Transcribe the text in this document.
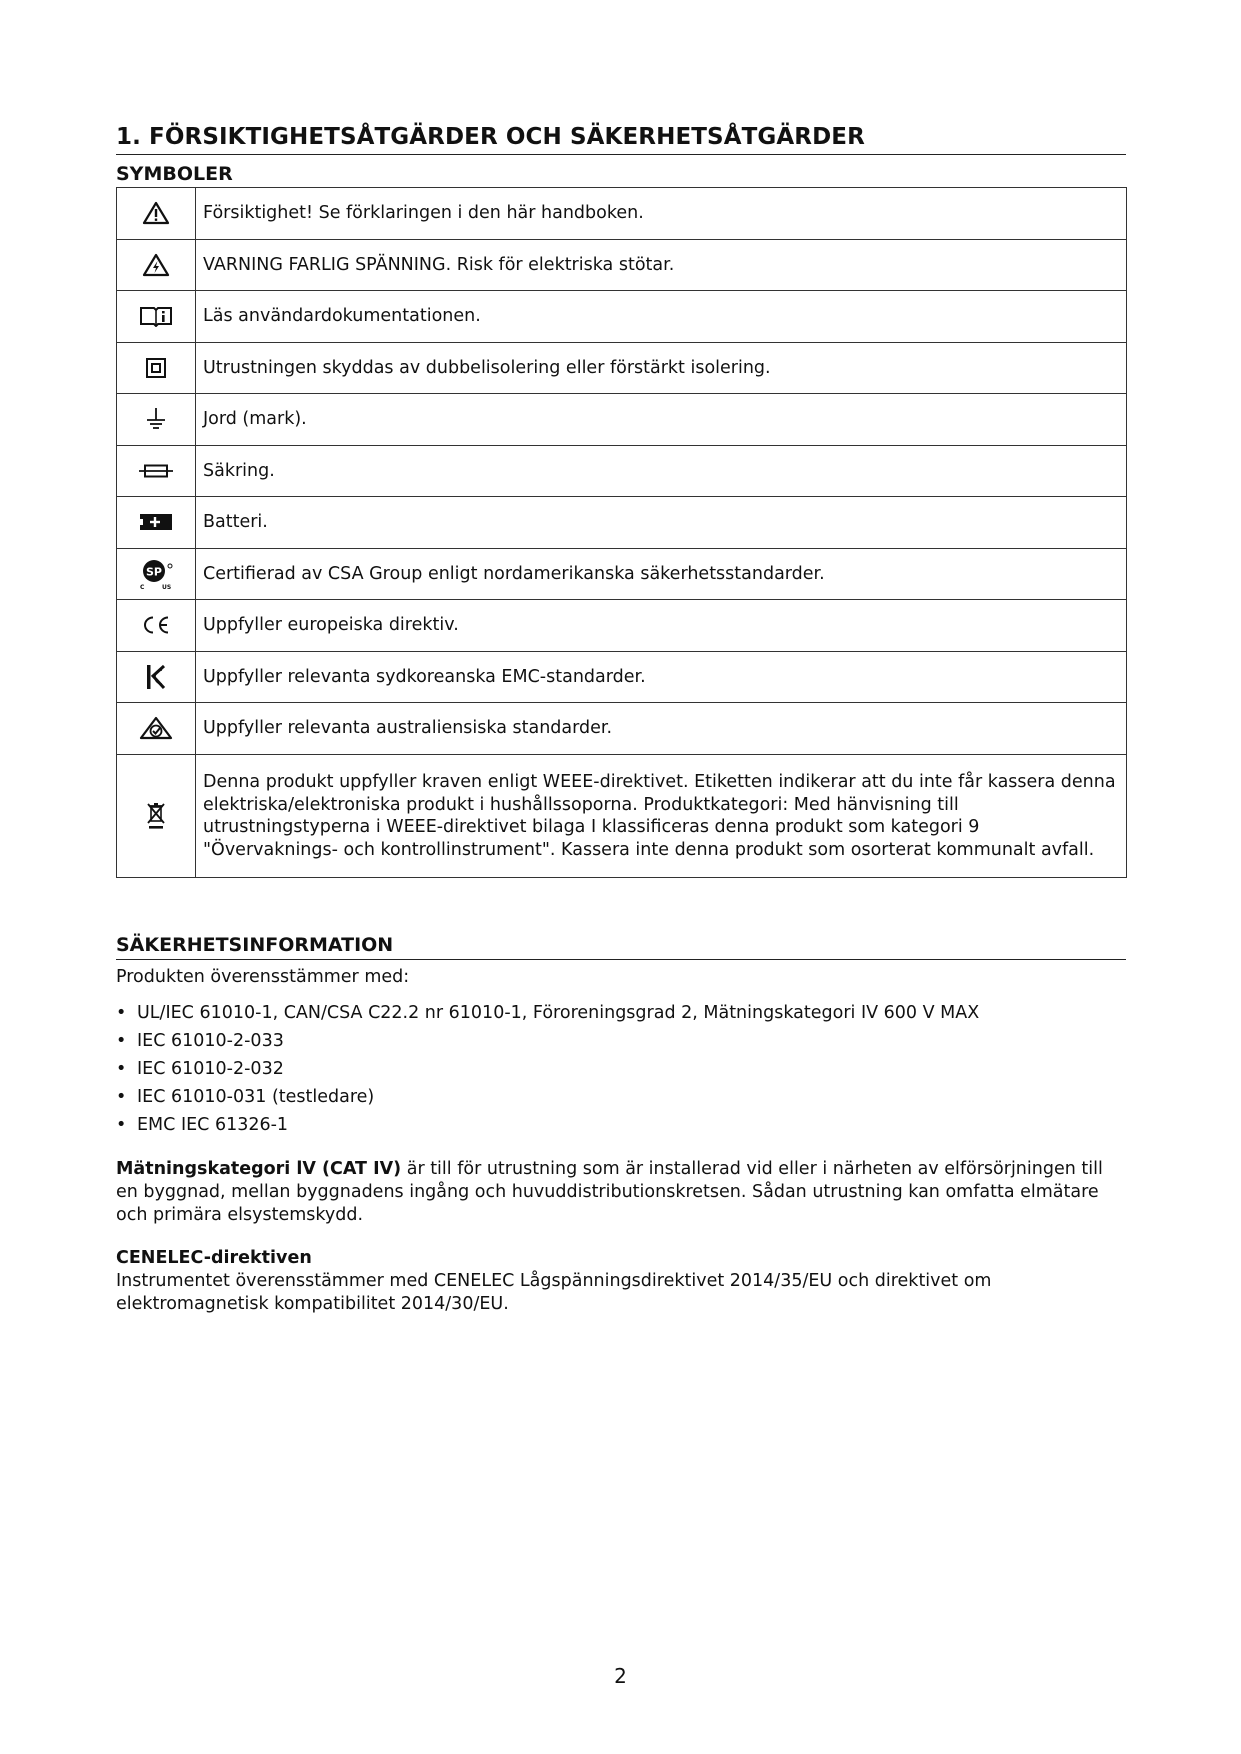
1. FÖRSIKTIGHETSÅTGÄRDER OCH SÄKERHETSÅTGÄRDER
SYMBOLER
	Försiktighet! Se förklaringen i den här handboken.

	VARNING FARLIG SPÄNNING. Risk för elektriska stötar.

	Läs användardokumentationen.

	Utrustningen skyddas av dubbelisolering eller förstärkt isolering.

	Jord (mark).

	Säkring.

	Batteri.

SP
C US	Certifierad av CSA Group enligt nordamerikanska säkerhetsstandarder.

	Uppfyller europeiska direktiv.

	Uppfyller relevanta sydkoreanska EMC-standarder.

	Uppfyller relevanta australiensiska standarder.

	Denna produkt uppfyller kraven enligt WEEE-direktivet. Etiketten indikerar att du inte får kassera denna elektriska/elektroniska produkt i hushållssoporna. Produktkategori: Med hänvisning till utrustningstyperna i WEEE-direktivet bilaga I klassificeras denna produkt som kategori 9 "Övervaknings- och kontrollinstrument". Kassera inte denna produkt som osorterat kommunalt avfall.
SÄKERHETSINFORMATION

Produkten överensstämmer med:

• UL/IEC 61010-1, CAN/CSA C22.2 nr 61010-1, Föroreningsgrad 2, Mätningskategori IV 600 V MAX
• IEC 61010-2-033
• IEC 61010-2-032
• IEC 61010-031 (testledare)
• EMC IEC 61326-1

Mätningskategori lV (CAT IV) är till för utrustning som är installerad vid eller i närheten av elförsörjningen till en byggnad, mellan byggnadens ingång och huvuddistributionskretsen. Sådan utrustning kan omfatta elmätare och primära elsystemskydd.

CENELEC-direktiven

Instrumentet överensstämmer med CENELEC Lågspänningsdirektivet 2014/35/EU och direktivet om elektromagnetisk kompatibilitet 2014/30/EU.

2
